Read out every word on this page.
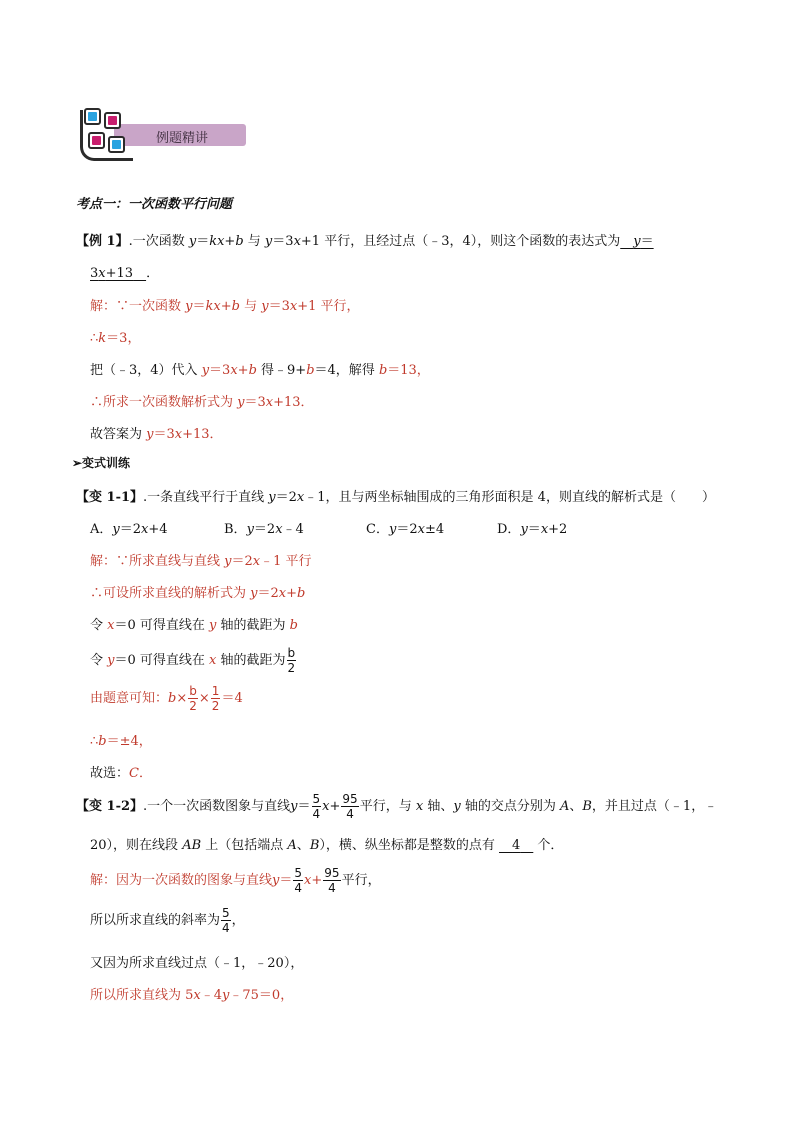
例题精讲
考点一：一次函数平行问题
【例 1】.一次函数 y＝kx+b 与 y＝3x+1 平行，且经过点（﹣3，4），则这个函数的表达式为   y＝
3x+13   ．
解：∵一次函数 y＝kx+b 与 y＝3x+1 平行，
∴k＝3，
把（﹣3，4）代入 y＝3x+b 得﹣9+b＝4，解得 b＝13，
∴所求一次函数解析式为 y＝3x+13．
故答案为 y＝3x+13．
➢变式训练
【变 1-1】.一条直线平行于直线 y＝2x﹣1，且与两坐标轴围成的三角形面积是 4，则直线的解析式是（　　）
A．y＝2x+4	B．y＝2x﹣4	C．y＝2x±4	D．y＝x+2
解：∵所求直线与直线 y＝2x﹣1 平行
∴可设所求直线的解析式为 y＝2x+b
令 x＝0 可得直线在 y 轴的截距为 b
令 y＝0 可得直线在 x 轴的截距为 $\frac{b}{2}$
由题意可知：$b\times \frac{b}{2} \times \frac{1}{2} =4$
∴b＝±4，
故选：C．
【变 1-2】.一个一次函数图象与直线$y= \frac{5}{4} x+ \frac{95}{4}$ 平行，与 x 轴、y 轴的交点分别为 A、B，并且过点（﹣1，﹣
20），则在线段 AB 上（包括端点 A、B），横、纵坐标都是整数的点有   4   个．
解：因为一次函数的图象与直线$y= \frac{5}{4} x+ \frac{95}{4}$ 平行，
所以所求直线的斜率为 $\frac{5}{4}$ ，
又因为所求直线过点（﹣1，﹣20），
所以所求直线为 5x﹣4y﹣75＝0，
